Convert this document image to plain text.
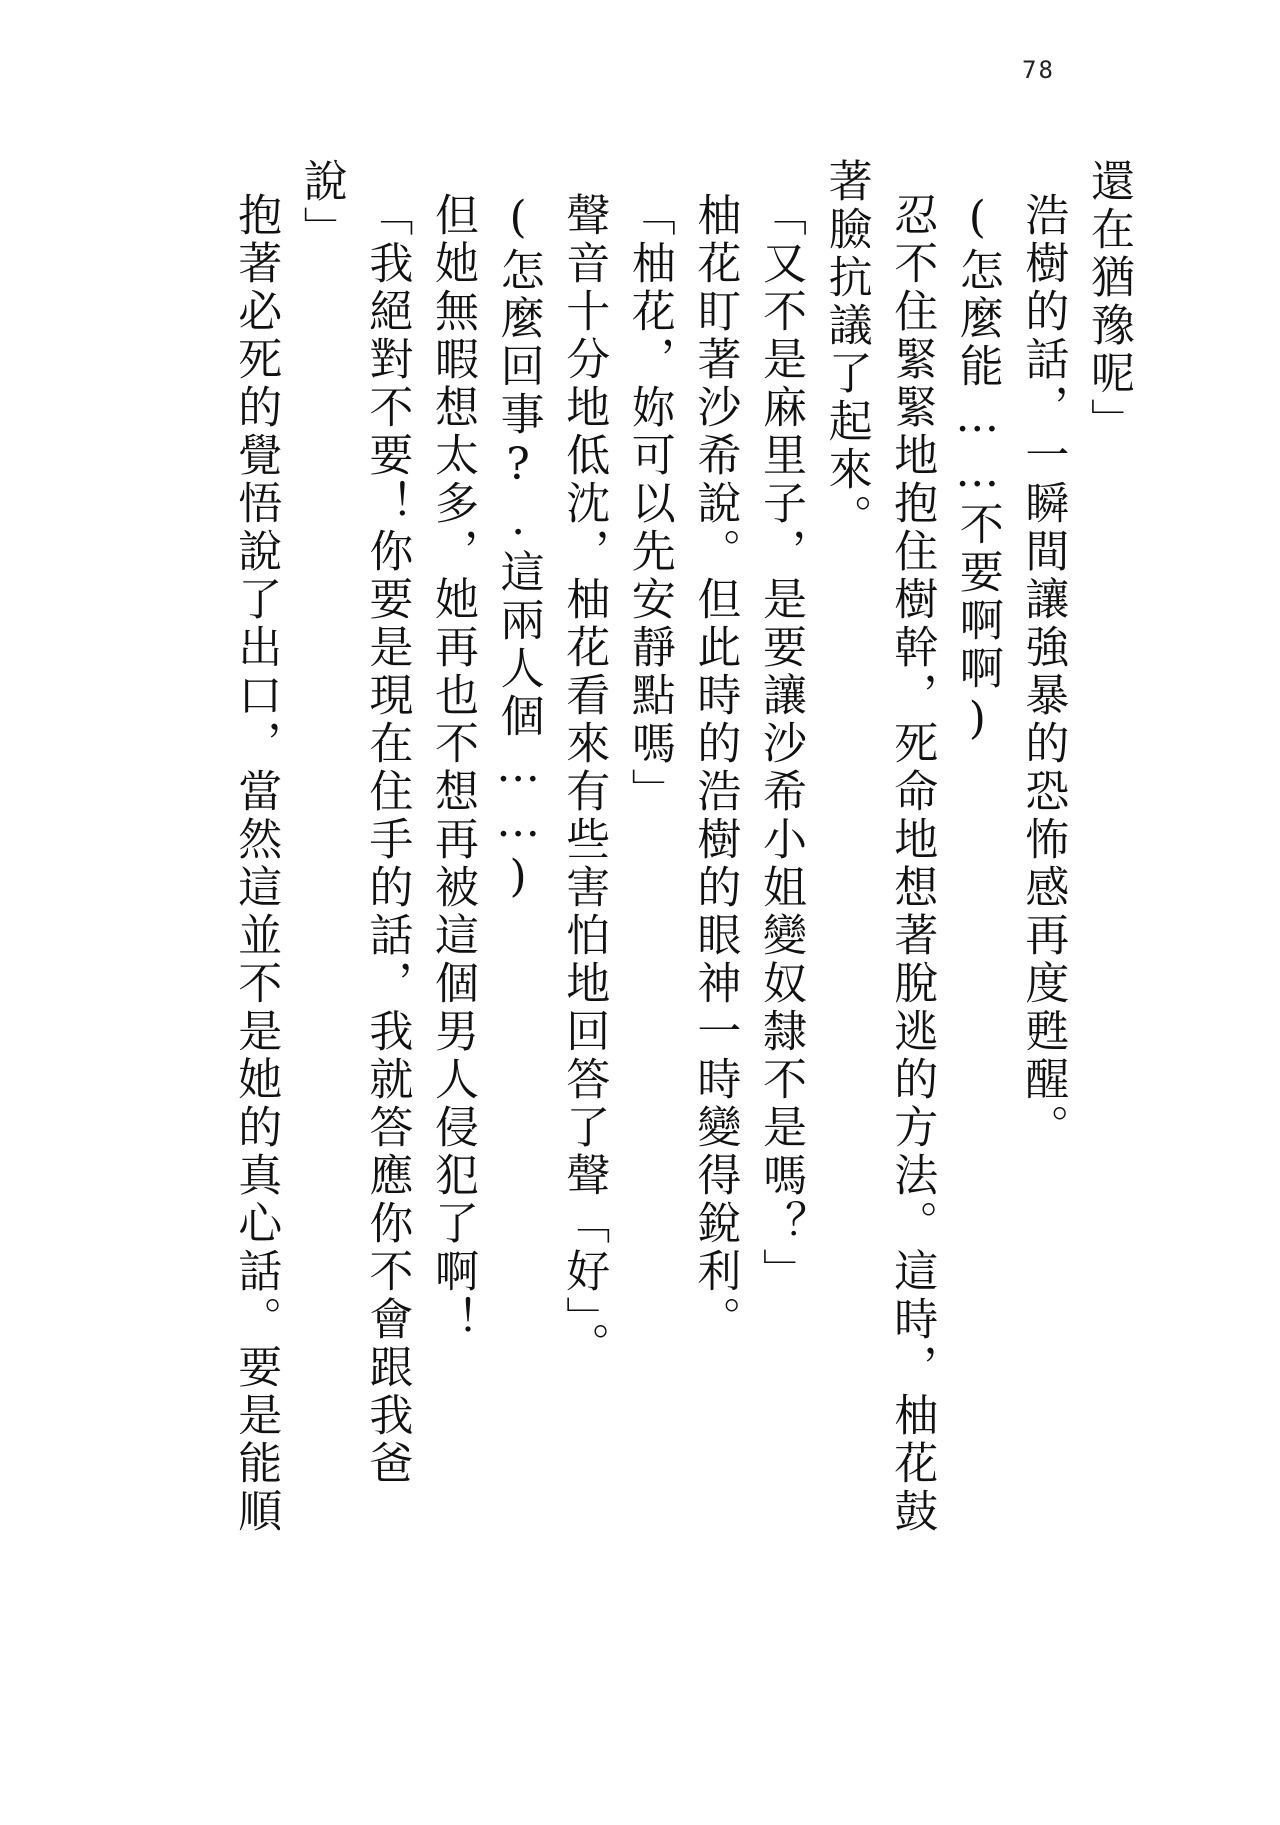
78
還在猶豫呢」
浩樹的話，一瞬間讓強暴的恐怖感再度甦醒。
(怎麼能……不要啊啊)
忍不住緊緊地抱住樹幹，死命地想著脫逃的方法。這時，柚花鼓
著臉抗議了起來。
「又不是麻里子，是要讓沙希小姐變奴隸不是嗎？」
柚花盯著沙希說。但此時的浩樹的眼神一時變得銳利。
「柚花，妳可以先安靜點嗎」
聲音十分地低沈，柚花看來有些害怕地回答了聲「好」。
(怎麼回事?.這兩人個……)
但她無暇想太多，她再也不想再被這個男人侵犯了啊！
「我絕對不要！你要是現在住手的話，我就答應你不會跟我爸
說」
抱著必死的覺悟說了出口，當然這並不是她的真心話。要是能順
